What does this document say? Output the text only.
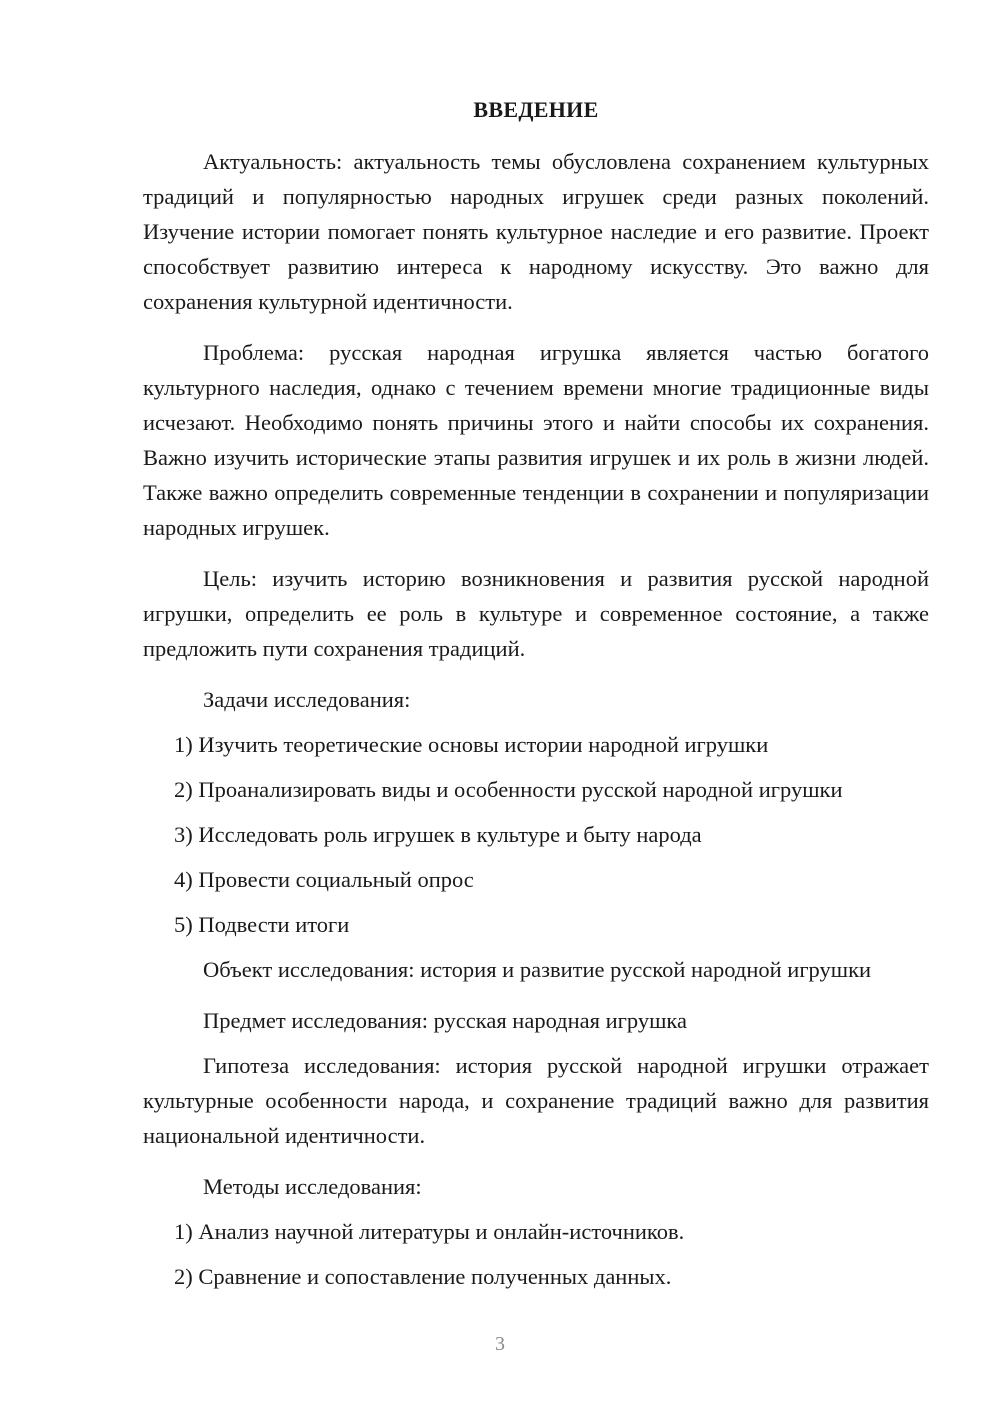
ВВЕДЕНИЕ

Актуальность: актуальность темы обусловлена сохранением культурных традиций и популярностью народных игрушек среди разных поколений. Изучение истории помогает понять культурное наследие и его развитие. Проект способствует развитию интереса к народному искусству. Это важно для сохранения культурной идентичности.

Проблема: русская народная игрушка является частью богатого культурного наследия, однако с течением времени многие традиционные виды исчезают. Необходимо понять причины этого и найти способы их сохранения. Важно изучить исторические этапы развития игрушек и их роль в жизни людей. Также важно определить современные тенденции в сохранении и популяризации народных игрушек.

Цель: изучить историю возникновения и развития русской народной игрушки, определить ее роль в культуре и современное состояние, а также предложить пути сохранения традиций.

Задачи исследования:

1) Изучить теоретические основы истории народной игрушки

2) Проанализировать виды и особенности русской народной игрушки

3) Исследовать роль игрушек в культуре и быту народа

4) Провести социальный опрос

5) Подвести итоги

Объект исследования: история и развитие русской народной игрушки

Предмет исследования: русская народная игрушка

Гипотеза исследования: история русской народной игрушки отражает культурные особенности народа, и сохранение традиций важно для развития национальной идентичности.

Методы исследования:

1) Анализ научной литературы и онлайн-источников.

2) Сравнение и сопоставление полученных данных.

3
